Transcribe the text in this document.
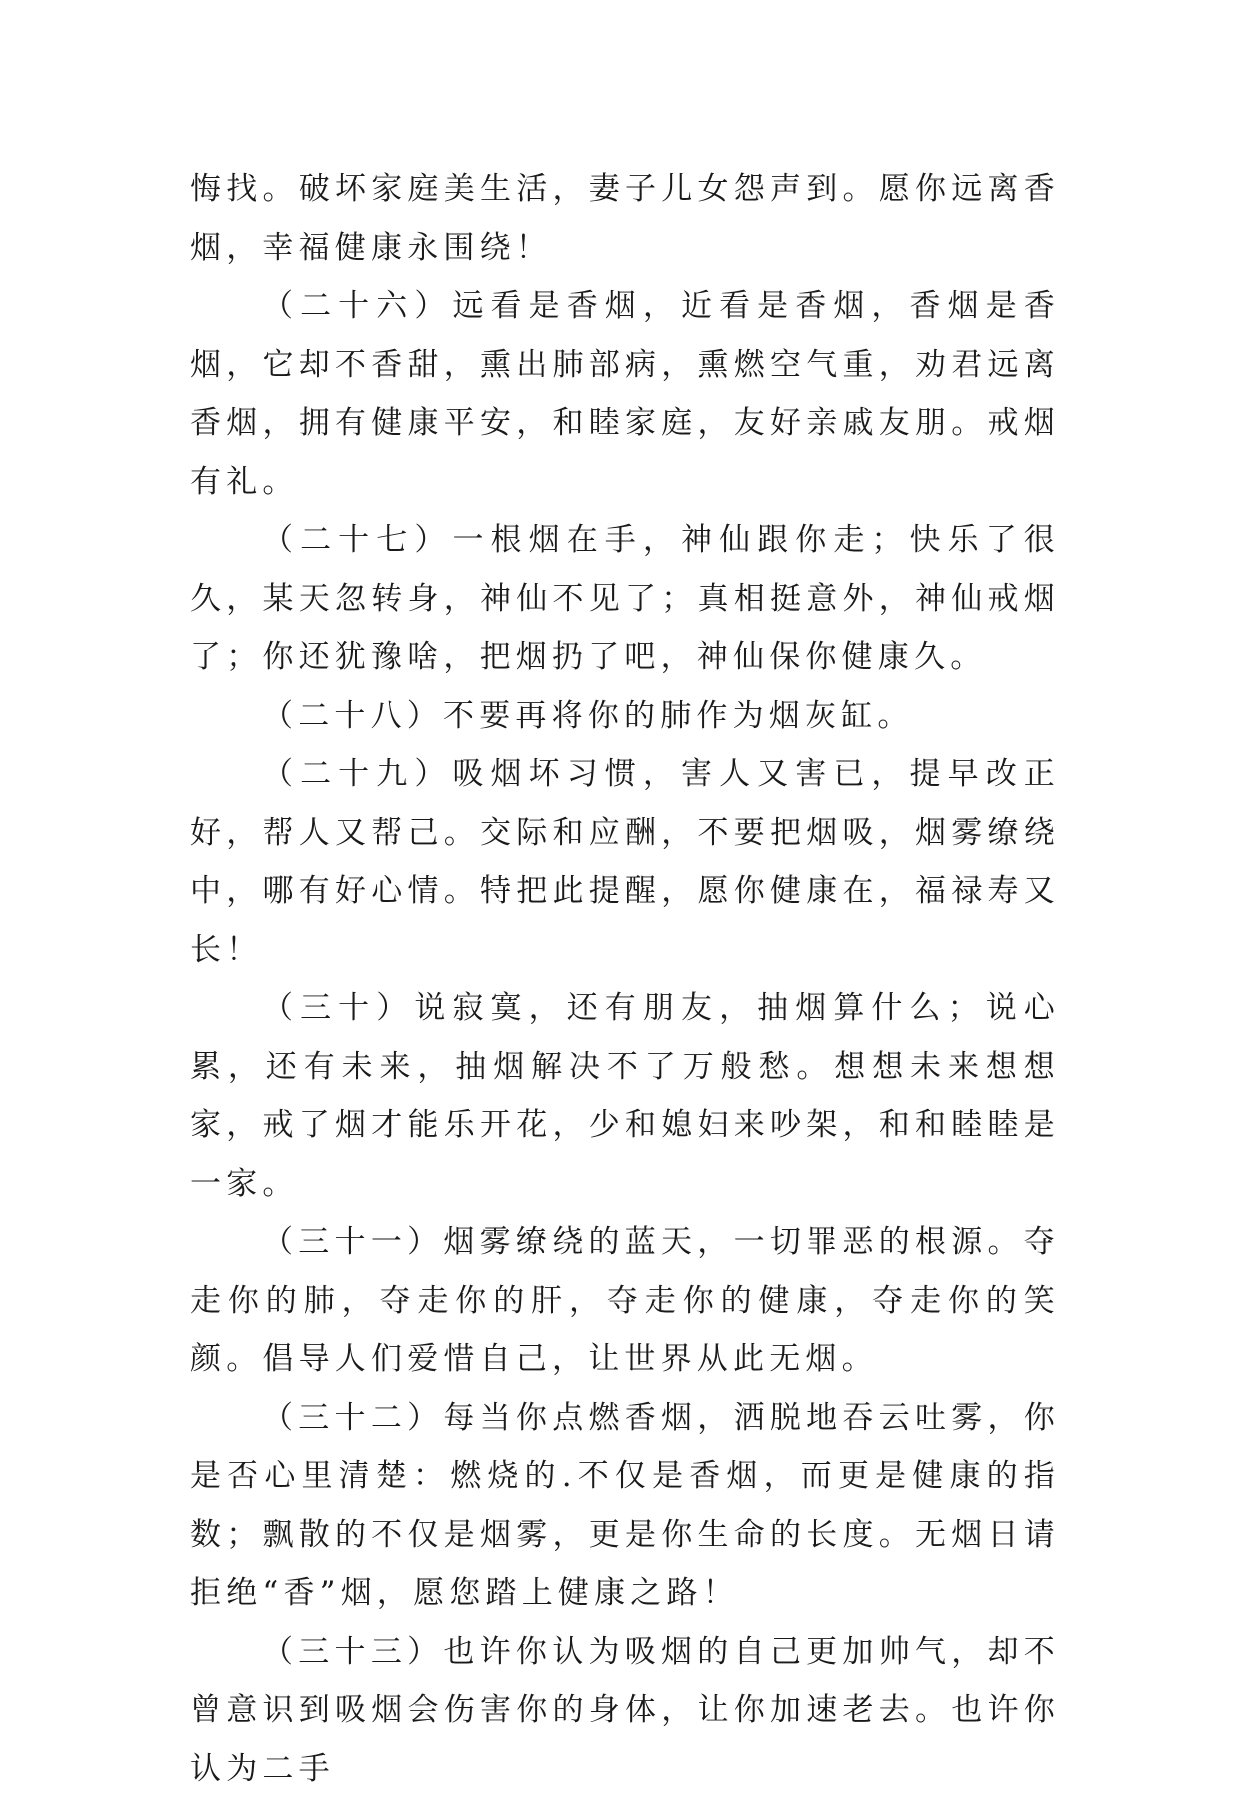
悔找。破坏家庭美生活，妻子儿女怨声到。愿你远离香烟，幸福健康永围绕！

（二十六）远看是香烟，近看是香烟，香烟是香烟，它却不香甜，熏出肺部病，熏燃空气重，劝君远离香烟，拥有健康平安，和睦家庭，友好亲戚友朋。戒烟有礼。

（二十七）一根烟在手，神仙跟你走；快乐了很久，某天忽转身，神仙不见了；真相挺意外，神仙戒烟了；你还犹豫啥，把烟扔了吧，神仙保你健康久。

（二十八）不要再将你的肺作为烟灰缸。

（二十九）吸烟坏习惯，害人又害已，提早改正好，帮人又帮己。交际和应酬，不要把烟吸，烟雾缭绕中，哪有好心情。特把此提醒，愿你健康在，福禄寿又长！

（三十）说寂寞，还有朋友，抽烟算什么；说心累，还有未来，抽烟解决不了万般愁。想想未来想想家，戒了烟才能乐开花，少和媳妇来吵架，和和睦睦是一家。

（三十一）烟雾缭绕的蓝天，一切罪恶的根源。夺走你的肺，夺走你的肝，夺走你的健康，夺走你的笑颜。倡导人们爱惜自己，让世界从此无烟。

（三十二）每当你点燃香烟，洒脱地吞云吐雾，你是否心里清楚：燃烧的.不仅是香烟，而更是健康的指数；飘散的不仅是烟雾，更是你生命的长度。无烟日请拒绝“香”烟，愿您踏上健康之路！

（三十三）也许你认为吸烟的自己更加帅气，却不曾意识到吸烟会伤害你的身体，让你加速老去。也许你认为二手
